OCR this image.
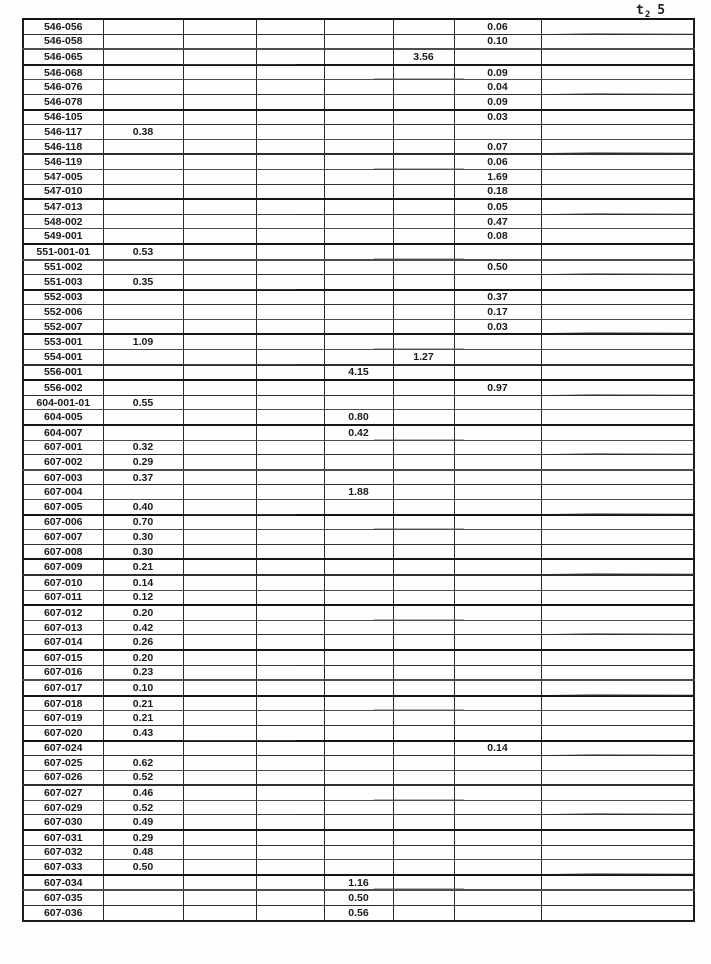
$t_2$ 5
546-056						0.06	
546-058						0.10	
546-065					3.56		
546-068						0.09	
546-076						0.04	
546-078						0.09	
546-105						0.03	
546-117	0.38						
546-118						0.07	
546-119						0.06	
547-005						1.69	
547-010						0.18	
547-013						0.05	
548-002						0.47	
549-001						0.08	
551-001-01	0.53						
551-002						0.50	
551-003	0.35						
552-003						0.37	
552-006						0.17	
552-007						0.03	
553-001	1.09						
554-001					1.27		
556-001				4.15			
556-002						0.97	
604-001-01	0.55						
604-005				0.80			
604-007				0.42			
607-001	0.32						
607-002	0.29						
607-003	0.37						
607-004				1.88			
607-005	0.40						
607-006	0.70						
607-007	0.30						
607-008	0.30						
607-009	0.21						
607-010	0.14						
607-011	0.12						
607-012	0.20						
607-013	0.42						
607-014	0.26						
607-015	0.20						
607-016	0.23						
607-017	0.10						
607-018	0.21						
607-019	0.21						
607-020	0.43						
607-024						0.14	
607-025	0.62						
607-026	0.52						
607-027	0.46						
607-029	0.52						
607-030	0.49						
607-031	0.29						
607-032	0.48						
607-033	0.50						
607-034				1.16			
607-035				0.50			
607-036				0.56			
